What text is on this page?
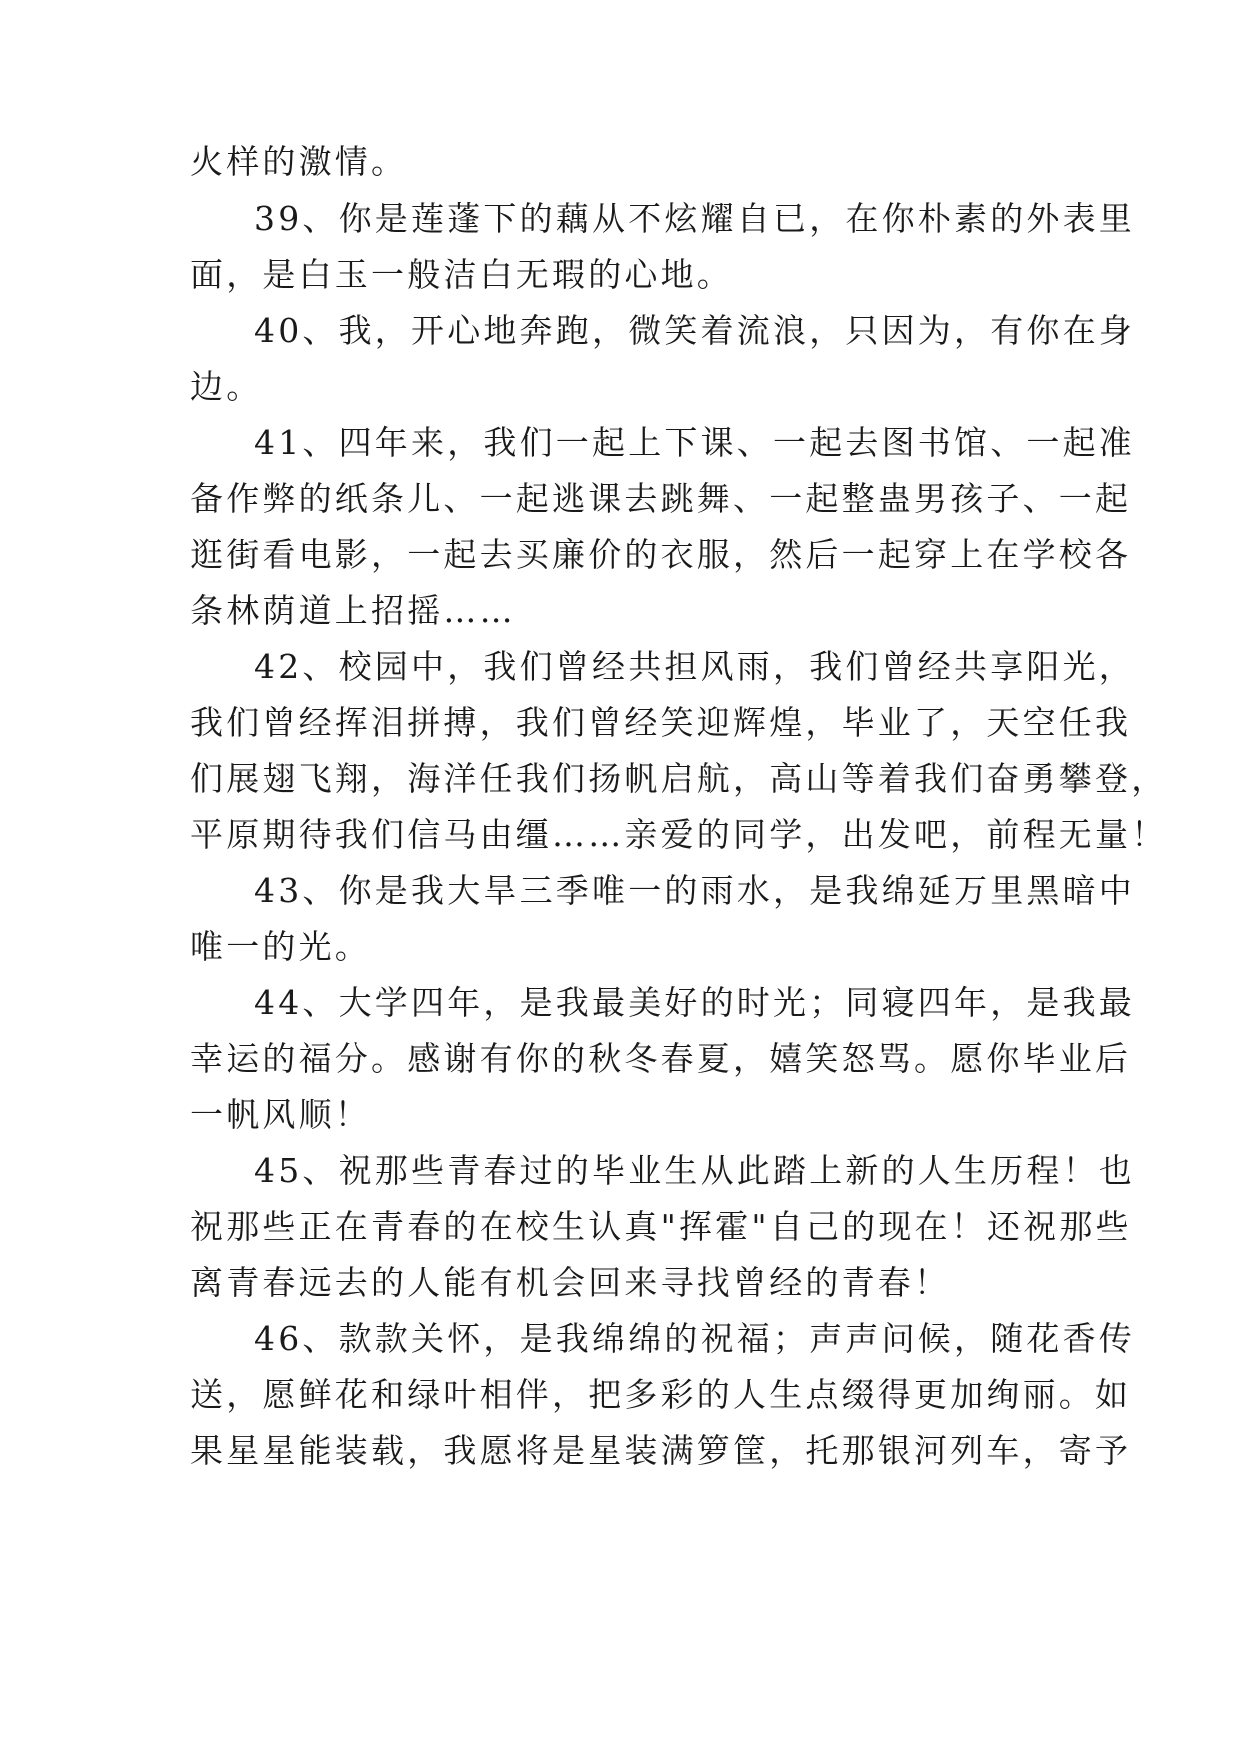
火样的激情。
39、你是莲蓬下的藕从不炫耀自已，在你朴素的外表里
面，是白玉一般洁白无瑕的心地。
40、我，开心地奔跑，微笑着流浪，只因为，有你在身
边。
41、四年来，我们一起上下课、一起去图书馆、一起准
备作弊的纸条儿、一起逃课去跳舞、一起整蛊男孩子、一起
逛街看电影，一起去买廉价的衣服，然后一起穿上在学校各
条林荫道上招摇……
42、校园中，我们曾经共担风雨，我们曾经共享阳光，
我们曾经挥泪拼搏，我们曾经笑迎辉煌，毕业了，天空任我
们展翅飞翔，海洋任我们扬帆启航，高山等着我们奋勇攀登，
平原期待我们信马由缰……亲爱的同学，出发吧，前程无量！
43、你是我大旱三季唯一的雨水，是我绵延万里黑暗中
唯一的光。
44、大学四年，是我最美好的时光；同寝四年，是我最
幸运的福分。感谢有你的秋冬春夏，嬉笑怒骂。愿你毕业后
一帆风顺！
45、祝那些青春过的毕业生从此踏上新的人生历程！也
祝那些正在青春的在校生认真"挥霍"自己的现在！还祝那些
离青春远去的人能有机会回来寻找曾经的青春！
46、款款关怀，是我绵绵的祝福；声声问候，随花香传
送，愿鲜花和绿叶相伴，把多彩的人生点缀得更加绚丽。如
果星星能装载，我愿将是星装满箩筐，托那银河列车，寄予
